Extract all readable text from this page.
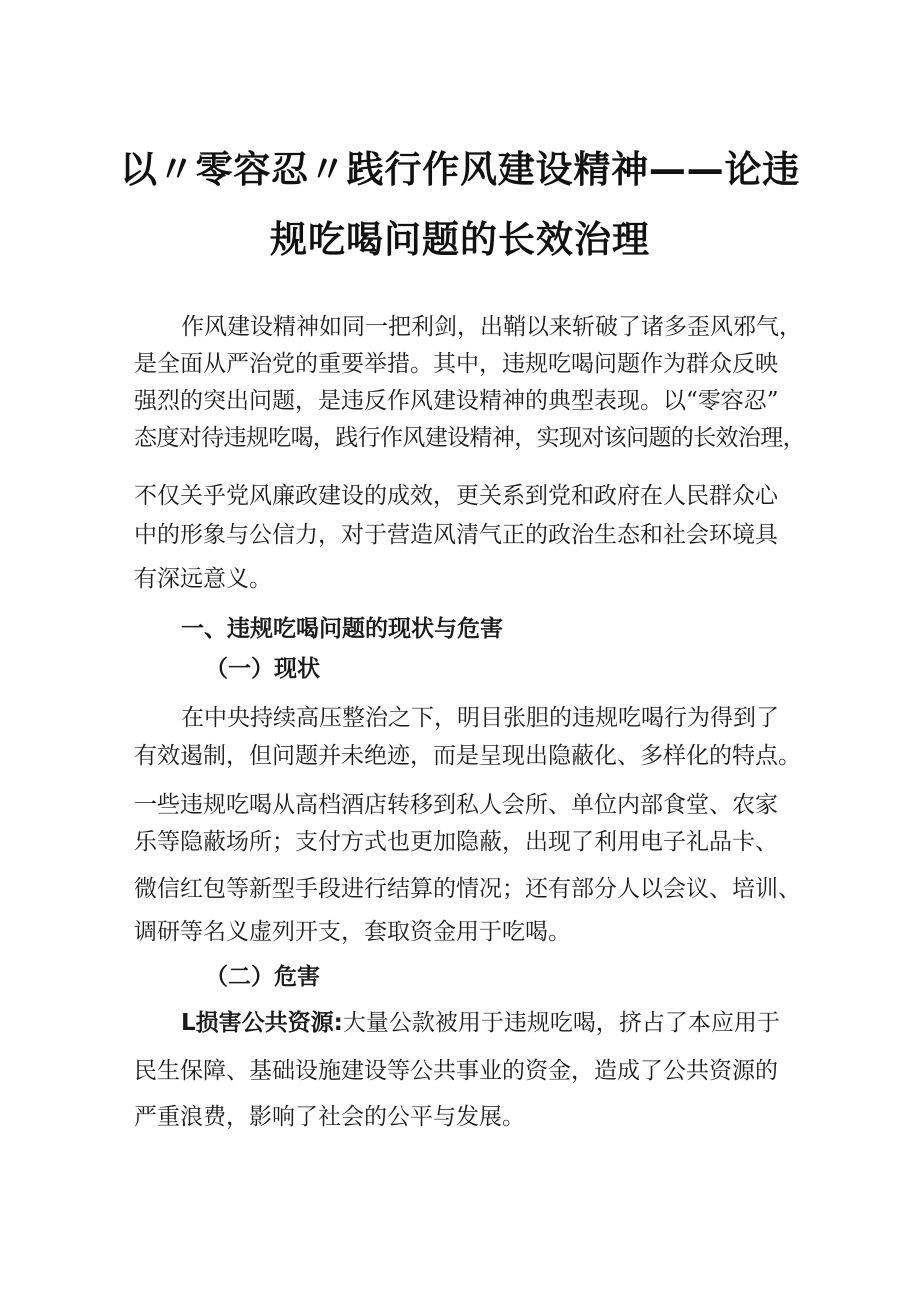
以〃零容忍〃践行作风建设精神——论违
规吃喝问题的长效治理
作风建设精神如同一把利剑，出鞘以来斩破了诸多歪风邪气，
是全面从严治党的重要举措。其中，违规吃喝问题作为群众反映
强烈的突出问题，是违反作风建设精神的典型表现。以“零容忍”
态度对待违规吃喝，践行作风建设精神，实现对该问题的长效治理，
不仅关乎党风廉政建设的成效，更关系到党和政府在人民群众心
中的形象与公信力，对于营造风清气正的政治生态和社会环境具
有深远意义。
一、违规吃喝问题的现状与危害
（一）现状
在中央持续高压整治之下，明目张胆的违规吃喝行为得到了
有效遏制，但问题并未绝迹，而是呈现出隐蔽化、多样化的特点。
一些违规吃喝从高档酒店转移到私人会所、单位内部食堂、农家
乐等隐蔽场所；支付方式也更加隐蔽，出现了利用电子礼品卡、
微信红包等新型手段进行结算的情况；还有部分人以会议、培训、
调研等名义虚列开支，套取资金用于吃喝。
（二）危害
L损害公共资源:大量公款被用于违规吃喝，挤占了本应用于
民生保障、基础设施建设等公共事业的资金，造成了公共资源的
严重浪费，影响了社会的公平与发展。
